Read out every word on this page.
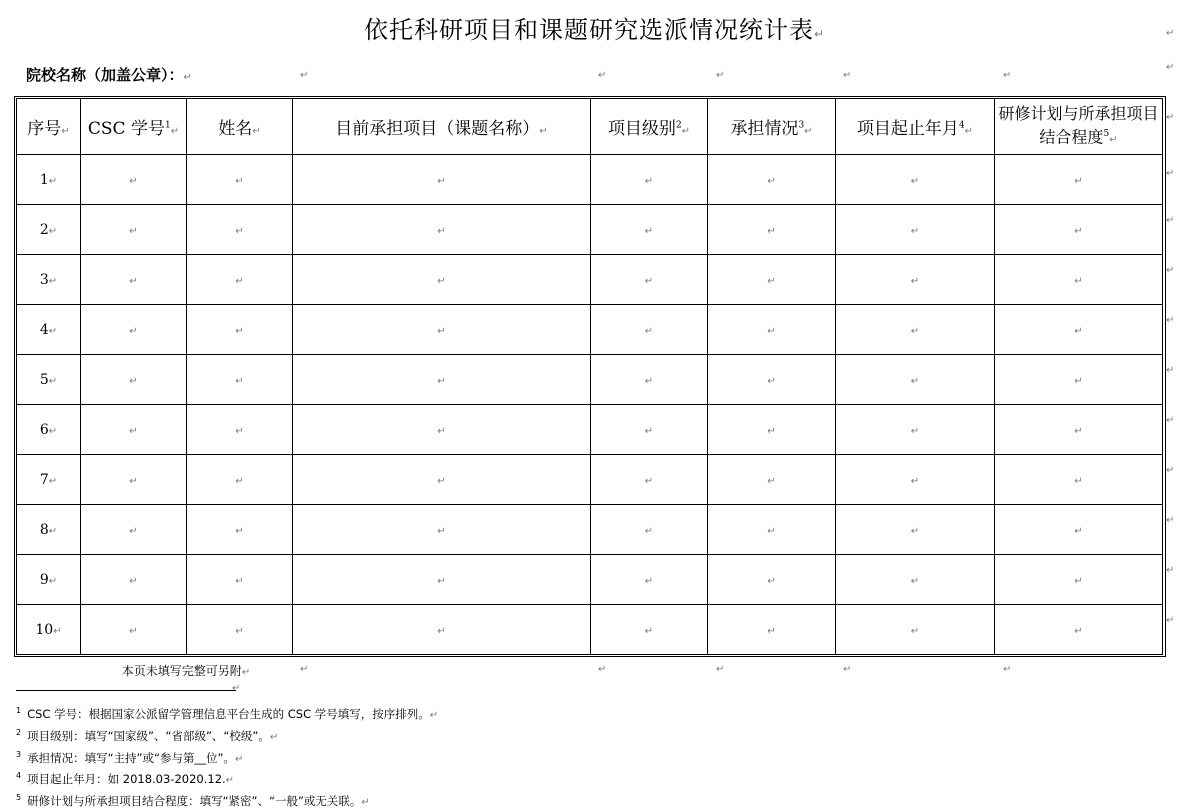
依托科研项目和课题研究选派情况统计表↵	↵
院校名称（加盖公章）：↵	↵	↵	↵	↵	↵
↵
序号↵	CSC 学号$^1$↵	姓名↵	目前承担项目（课题名称）↵	项目级别$^2$↵	承担情况$^3$↵	项目起止年月$^4$↵	研修计划与所承担项目结合程度$^5$↵
1↵	↵	↵	↵	↵	↵	↵	↵
2↵	↵	↵	↵	↵	↵	↵	↵
3↵	↵	↵	↵	↵	↵	↵	↵
4↵	↵	↵	↵	↵	↵	↵	↵
5↵	↵	↵	↵	↵	↵	↵	↵
6↵	↵	↵	↵	↵	↵	↵	↵
7↵	↵	↵	↵	↵	↵	↵	↵
8↵	↵	↵	↵	↵	↵	↵	↵
9↵	↵	↵	↵	↵	↵	↵	↵
10↵	↵	↵	↵	↵	↵	↵	↵
↵
↵
↵
↵
↵
↵
↵
↵
↵
↵
↵
本页未填写完整可另附↵	↵	↵	↵	↵	↵
↵
$^1$ CSC 学号：根据国家公派留学管理信息平台生成的 CSC 学号填写，按序排列。↵
$^2$ 项目级别：填写“国家级”、“省部级”、“校级”。↵
$^3$ 承担情况：填写“主持”或“参与第__位”。↵
$^4$ 项目起止年月：如 2018.03-2020.12.↵
$^5$ 研修计划与所承担项目结合程度：填写“紧密”、“一般”或无关联。↵
